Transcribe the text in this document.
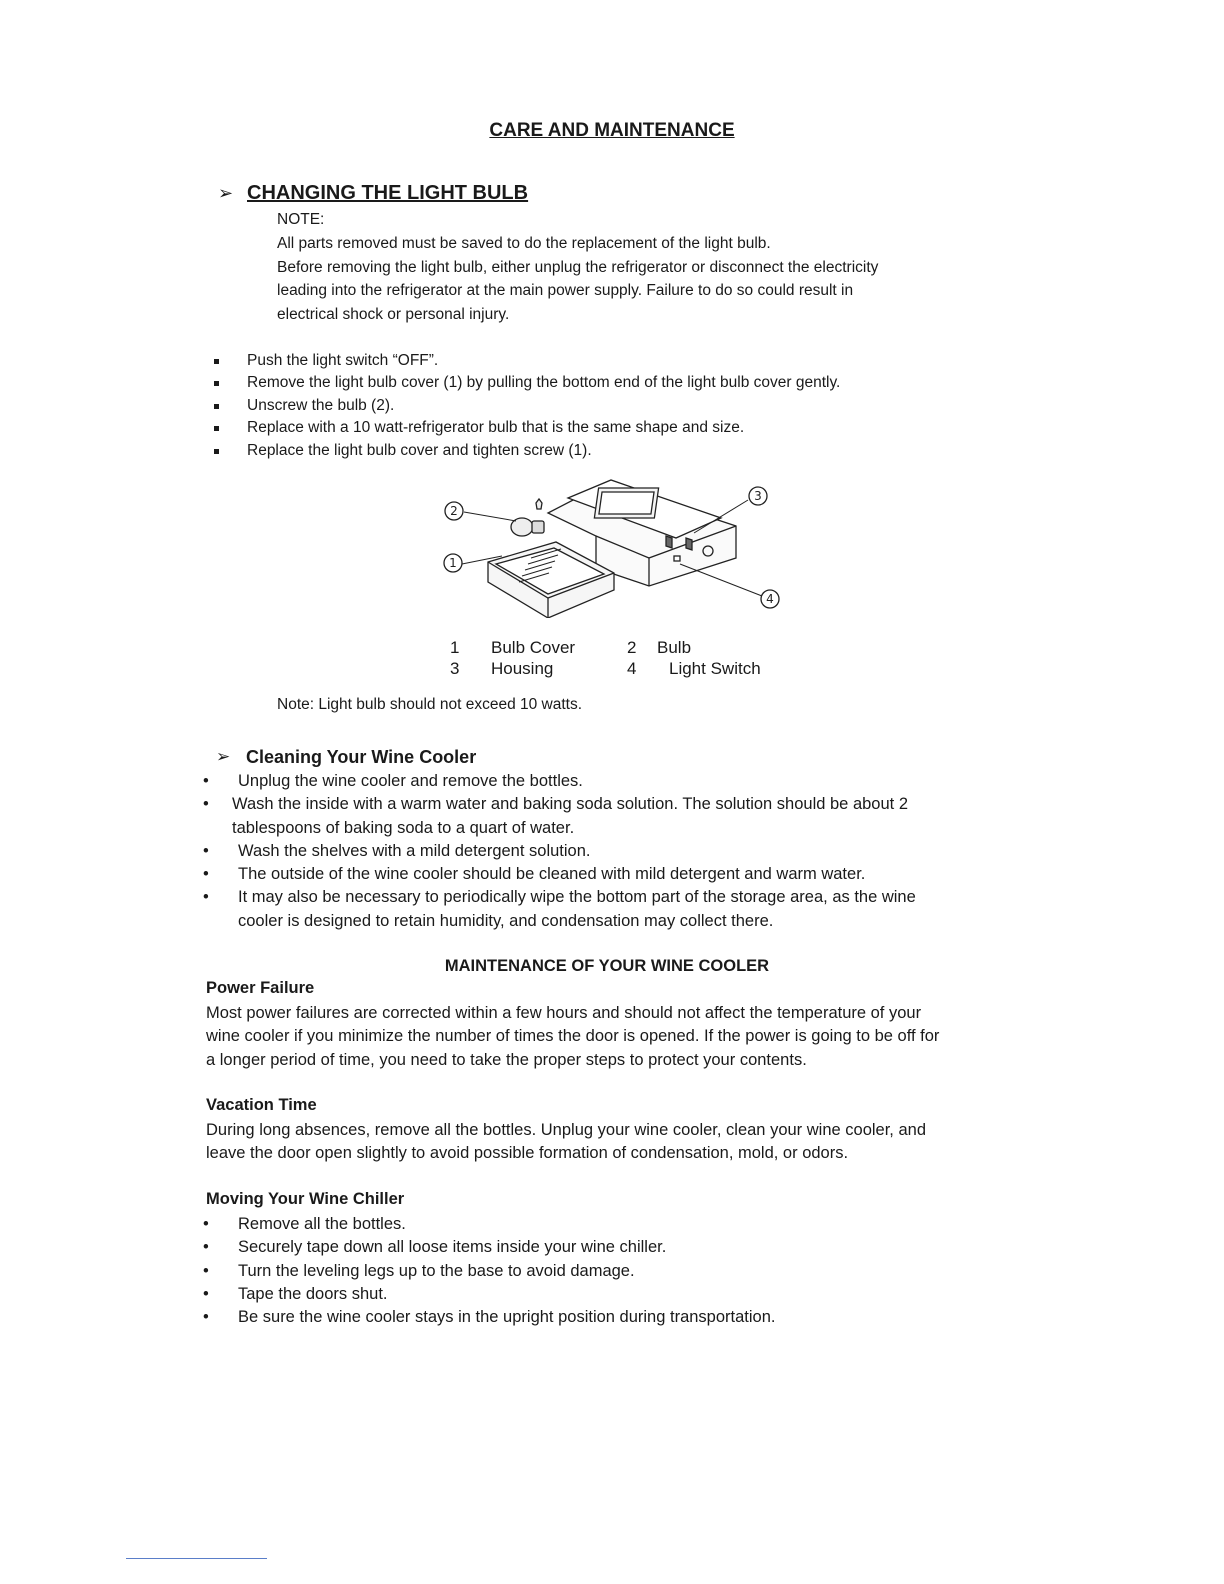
CARE AND MAINTENANCE
➢ CHANGING THE LIGHT BULB
NOTE:
All parts removed must be saved to do the replacement of the light bulb.
Before removing the light bulb, either unplug the refrigerator or disconnect the electricity
leading into the refrigerator at the main power supply. Failure to do so could result in
electrical shock or personal injury.
Push the light switch “OFF”.
Remove the light bulb cover (1) by pulling the bottom end of the light bulb cover gently.
Unscrew the bulb (2).
Replace with a 10 watt-refrigerator bulb that is the same shape and size.
Replace the light bulb cover and tighten screw (1).
2
1
3
4
1	Bulb Cover	2	Bulb
3	Housing	4	Light Switch
Note: Light bulb should not exceed 10 watts.
➢ Cleaning Your Wine Cooler
• Unplug the wine cooler and remove the bottles.
• Wash the inside with a warm water and baking soda solution. The solution should be about 2
tablespoons of baking soda to a quart of water.
• Wash the shelves with a mild detergent solution.
• The outside of the wine cooler should be cleaned with mild detergent and warm water.
• It may also be necessary to periodically wipe the bottom part of the storage area, as the wine
cooler is designed to retain humidity, and condensation may collect there.
MAINTENANCE OF YOUR WINE COOLER
Power Failure
Most power failures are corrected within a few hours and should not affect the temperature of your
wine cooler if you minimize the number of times the door is opened. If the power is going to be off for
a longer period of time, you need to take the proper steps to protect your contents.
Vacation Time
During long absences, remove all the bottles. Unplug your wine cooler, clean your wine cooler, and
leave the door open slightly to avoid possible formation of condensation, mold, or odors.
Moving Your Wine Chiller
• Remove all the bottles.
• Securely tape down all loose items inside your wine chiller.
• Turn the leveling legs up to the base to avoid damage.
• Tape the doors shut.
• Be sure the wine cooler stays in the upright position during transportation.
